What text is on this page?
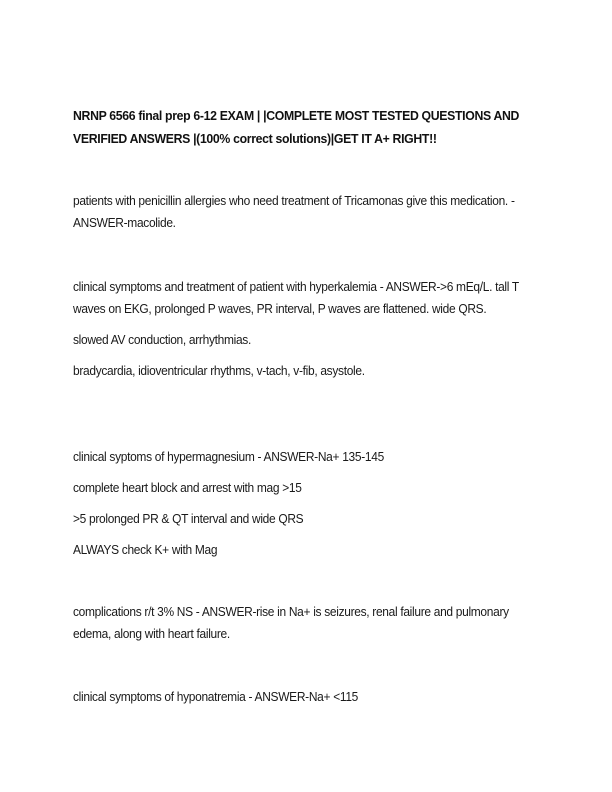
NRNP 6566 final prep 6-12 EXAM | |COMPLETE MOST TESTED QUESTIONS AND VERIFIED ANSWERS |(100% correct solutions)|GET IT A+ RIGHT!!

patients with penicillin allergies who need treatment of Tricamonas give this medication. - ANSWER-macolide.

clinical symptoms and treatment of patient with hyperkalemia - ANSWER->6 mEq/L. tall T waves on EKG, prolonged P waves, PR interval, P waves are flattened. wide QRS.

slowed AV conduction, arrhythmias.

bradycardia, idioventricular rhythms, v-tach, v-fib, asystole.

clinical syptoms of hypermagnesium - ANSWER-Na+ 135-145

complete heart block and arrest with mag >15

>5 prolonged PR & QT interval and wide QRS

ALWAYS check K+ with Mag

complications r/t 3% NS - ANSWER-rise in Na+ is seizures, renal failure and pulmonary edema, along with heart failure.

clinical symptoms of hyponatremia - ANSWER-Na+ <115
